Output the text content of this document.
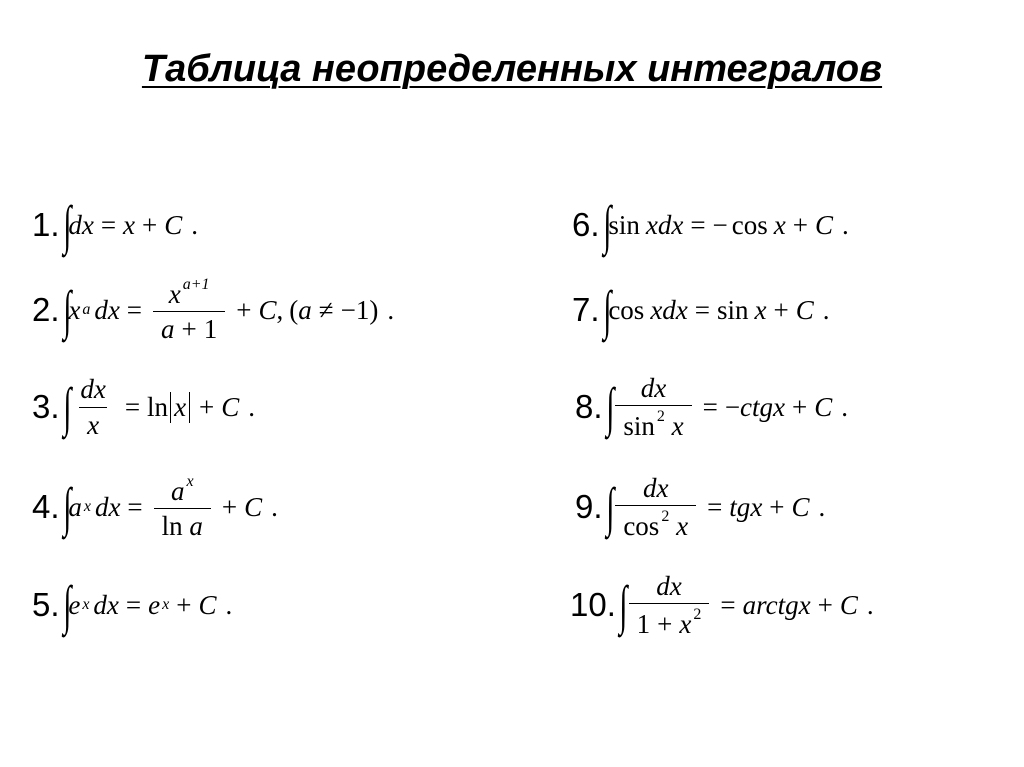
Таблица неопределенных интегралов
1. ∫
dx = x + C .
2. ∫
x a dx = $\frac{x ^{a+1}}{a + 1} + C$ , ( a ≠ − 1 ) .
3. ∫ $\frac{dx}{x} = \ln x + C$ .
4. ∫
a x dx = $\frac{a ^x}{\text{ln a}} + C$ .
5. ∫
e x dx = e x + C .
6. ∫
sin xdx = − cos x + C .
7. ∫
cos xdx = sin x + C .
8. ∫ $\frac{dx}{\sin ^2 x}$ = − ctg x + C .
9. ∫ $\frac{dx}{\cos ^2 x}$ = tg x + C .
10. ∫ $\frac{dx}{1 + x ^2}$ = arctg x + C .
